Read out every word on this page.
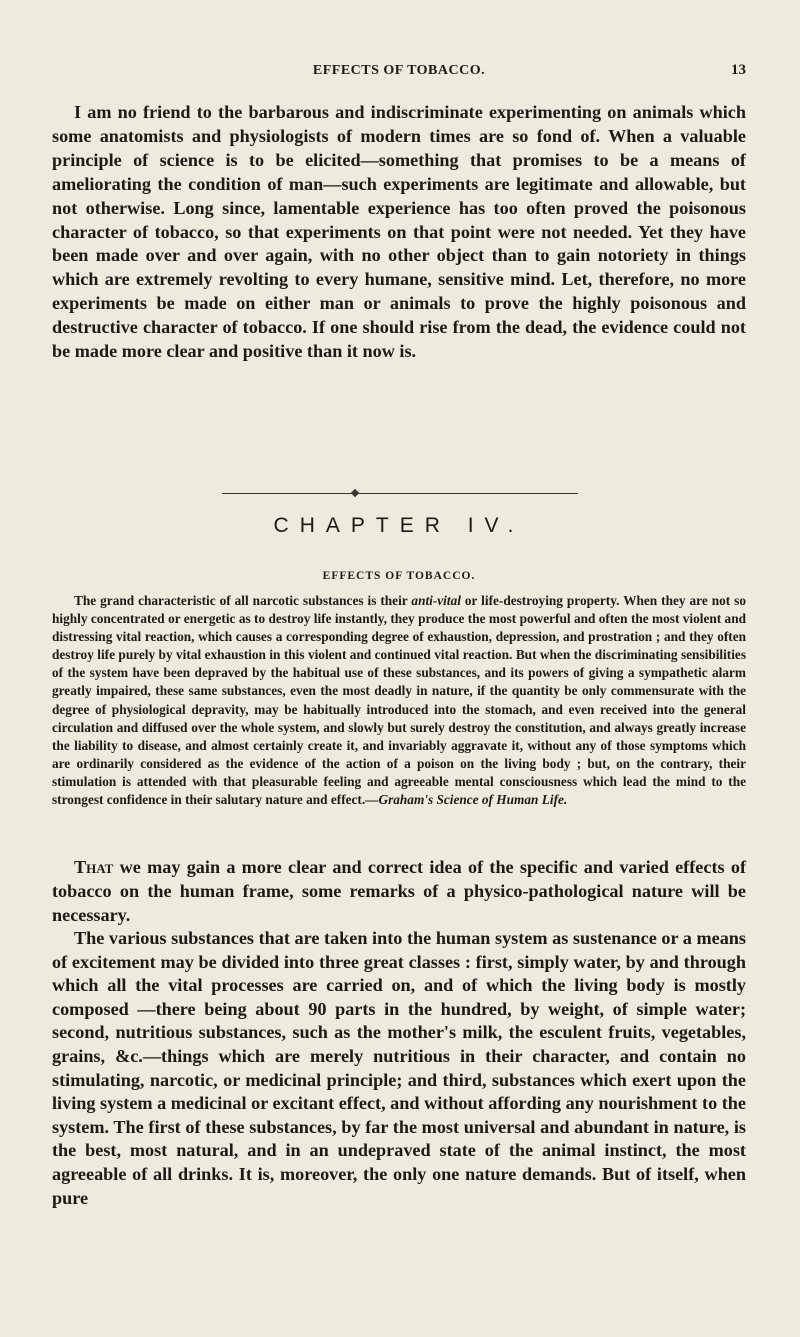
EFFECTS OF TOBACCO.	13

I am no friend to the barbarous and indiscriminate experimenting on animals which some anatomists and physiologists of modern times are so fond of. When a valuable principle of science is to be elicited—something that promises to be a means of ameliorating the condition of man—such experiments are legitimate and allowable, but not otherwise. Long since, lamentable experience has too often proved the poisonous character of tobacco, so that experiments on that point were not needed. Yet they have been made over and over again, with no other object than to gain notoriety in things which are extremely revolting to every humane, sensitive mind. Let, therefore, no more experiments be made on either man or animals to prove the highly poisonous and destructive character of tobacco. If one should rise from the dead, the evidence could not be made more clear and positive than it now is.

CHAPTER IV.
EFFECTS OF TOBACCO.

The grand characteristic of all narcotic substances is their anti-vital or life-destroying property. When they are not so highly concentrated or energetic as to destroy life instantly, they produce the most powerful and often the most violent and distressing vital reaction, which causes a corresponding degree of exhaustion, depression, and prostration ; and they often destroy life purely by vital exhaustion in this violent and continued vital reaction. But when the discriminating sensibilities of the system have been depraved by the habitual use of these substances, and its powers of giving a sympathetic alarm greatly impaired, these same substances, even the most deadly in nature, if the quantity be only commensurate with the degree of physiological depravity, may be habitually introduced into the stomach, and even received into the general circulation and diffused over the whole system, and slowly but surely destroy the constitution, and always greatly increase the liability to disease, and almost certainly create it, and invariably aggravate it, without any of those symptoms which are ordinarily considered as the evidence of the action of a poison on the living body ; but, on the contrary, their stimulation is attended with that pleasurable feeling and agreeable mental consciousness which lead the mind to the strongest confidence in their salutary nature and effect.—Graham's Science of Human Life.

That we may gain a more clear and correct idea of the specific and varied effects of tobacco on the human frame, some remarks of a physico-pathological nature will be necessary.

The various substances that are taken into the human system as sustenance or a means of excitement may be divided into three great classes : first, simply water, by and through which all the vital processes are carried on, and of which the living body is mostly composed —there being about 90 parts in the hundred, by weight, of simple water; second, nutritious substances, such as the mother's milk, the esculent fruits, vegetables, grains, &c.—things which are merely nutritious in their character, and contain no stimulating, narcotic, or medicinal principle; and third, substances which exert upon the living system a medicinal or excitant effect, and without affording any nourishment to the system. The first of these substances, by far the most universal and abundant in nature, is the best, most natural, and in an undepraved state of the animal instinct, the most agreeable of all drinks. It is, moreover, the only one nature demands. But of itself, when pure
